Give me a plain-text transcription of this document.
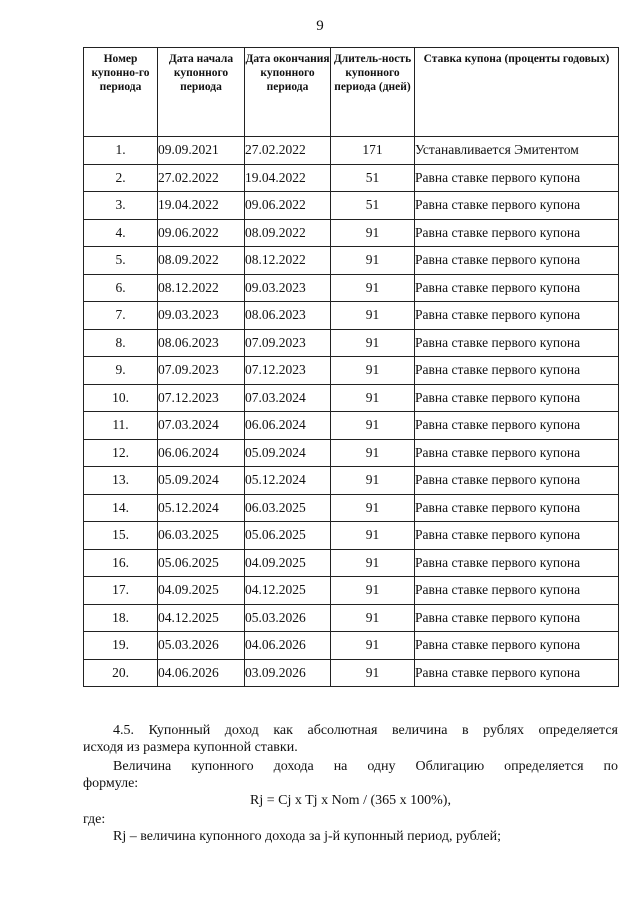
9
Номер купонно-го периода	Дата начала купонного периода	Дата окончания купонного периода	Длитель-ность купонного периода (дней)	Ставка купона (проценты годовых)
1.	09.09.2021	27.02.2022	171	Устанавливается Эмитентом
2.	27.02.2022	19.04.2022	51	Равна ставке первого купона
3.	19.04.2022	09.06.2022	51	Равна ставке первого купона
4.	09.06.2022	08.09.2022	91	Равна ставке первого купона
5.	08.09.2022	08.12.2022	91	Равна ставке первого купона
6.	08.12.2022	09.03.2023	91	Равна ставке первого купона
7.	09.03.2023	08.06.2023	91	Равна ставке первого купона
8.	08.06.2023	07.09.2023	91	Равна ставке первого купона
9.	07.09.2023	07.12.2023	91	Равна ставке первого купона
10.	07.12.2023	07.03.2024	91	Равна ставке первого купона
11.	07.03.2024	06.06.2024	91	Равна ставке первого купона
12.	06.06.2024	05.09.2024	91	Равна ставке первого купона
13.	05.09.2024	05.12.2024	91	Равна ставке первого купона
14.	05.12.2024	06.03.2025	91	Равна ставке первого купона
15.	06.03.2025	05.06.2025	91	Равна ставке первого купона
16.	05.06.2025	04.09.2025	91	Равна ставке первого купона
17.	04.09.2025	04.12.2025	91	Равна ставке первого купона
18.	04.12.2025	05.03.2026	91	Равна ставке первого купона
19.	05.03.2026	04.06.2026	91	Равна ставке первого купона
20.	04.06.2026	03.09.2026	91	Равна ставке первого купона
4.5. Купонный доход как абсолютная величина в рублях определяется
исходя из размера купонной ставки.
Величина купонного дохода на одну Облигацию определяется по
формуле:
Rj = Cj x Tj x Nom / (365 x 100%),
где:
Rj – величина купонного дохода за j-й купонный период, рублей;
